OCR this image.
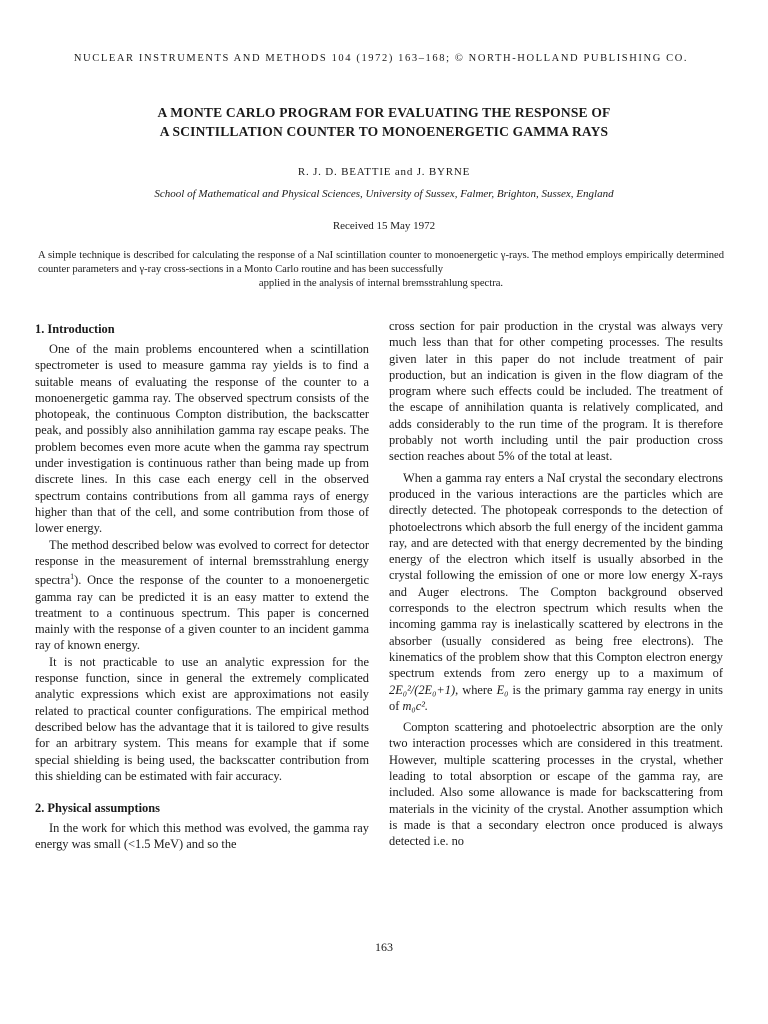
NUCLEAR INSTRUMENTS AND METHODS 104 (1972) 163–168; © NORTH-HOLLAND PUBLISHING CO.
A MONTE CARLO PROGRAM FOR EVALUATING THE RESPONSE OF
A SCINTILLATION COUNTER TO MONOENERGETIC GAMMA RAYS
R. J. D. BEATTIE and J. BYRNE
School of Mathematical and Physical Sciences, University of Sussex, Falmer, Brighton, Sussex, England
Received 15 May 1972
A simple technique is described for calculating the response of a NaI scintillation counter to monoenergetic γ-rays. The method employs empirically determined counter parameters and γ-ray cross-sections in a Monto Carlo routine and has been successfully
applied in the analysis of internal bremsstrahlung spectra.
1. Introduction

One of the main problems encountered when a scintillation spectrometer is used to measure gamma ray yields is to find a suitable means of evaluating the response of the counter to a monoenergetic gamma ray. The observed spectrum consists of the photopeak, the continuous Compton distribution, the backscatter peak, and possibly also annihilation gamma ray escape peaks. The problem becomes even more acute when the gamma ray spectrum under investigation is continuous rather than being made up from discrete lines. In this case each energy cell in the observed spectrum contains contributions from all gamma rays of energy higher than that of the cell, and some contribution from those of lower energy.

The method described below was evolved to correct for detector response in the measurement of internal bremsstrahlung energy spectra$^1$). Once the response of the counter to a monoenergetic gamma ray can be predicted it is an easy matter to extend the treatment to a continuous spectrum. This paper is concerned mainly with the response of a given counter to an incident gamma ray of known energy.

It is not practicable to use an analytic expression for the response function, since in general the extremely complicated analytic expressions which exist are approximations not easily related to practical counter configurations. The empirical method described below has the advantage that it is tailored to give results for an arbitrary system. This means for example that if some special shielding is being used, the backscatter contribution from this shielding can be estimated with fair accuracy.

2. Physical assumptions

In the work for which this method was evolved, the gamma ray energy was small (<1.5 MeV) and so the

cross section for pair production in the crystal was always very much less than that for other competing processes. The results given later in this paper do not include treatment of pair production, but an indication is given in the flow diagram of the program where such effects could be included. The treatment of the escape of annihilation quanta is relatively complicated, and adds considerably to the run time of the program. It is therefore probably not worth including until the pair production cross section reaches about 5% of the total at least.

When a gamma ray enters a NaI crystal the secondary electrons produced in the various interactions are the particles which are directly detected. The photopeak corresponds to the detection of photoelectrons which absorb the full energy of the incident gamma ray, and are detected with that energy decremented by the binding energy of the electron which itself is usually absorbed in the crystal following the emission of one or more low energy X-rays and Auger electrons. The Compton background observed corresponds to the electron spectrum which results when the incoming gamma ray is inelastically scattered by electrons in the absorber (usually considered as being free electrons). The kinematics of the problem show that this Compton electron energy spectrum extends from zero energy up to a maximum of 2E₀²/(2E₀+1), where E₀ is the primary gamma ray energy in units of m₀c².

Compton scattering and photoelectric absorption are the only two interaction processes which are considered in this treatment. However, multiple scattering processes in the crystal, whether leading to total absorption or escape of the gamma ray, are included. Also some allowance is made for backscattering from materials in the vicinity of the crystal. Another assumption which is made is that a secondary electron once produced is always detected i.e. no

163
